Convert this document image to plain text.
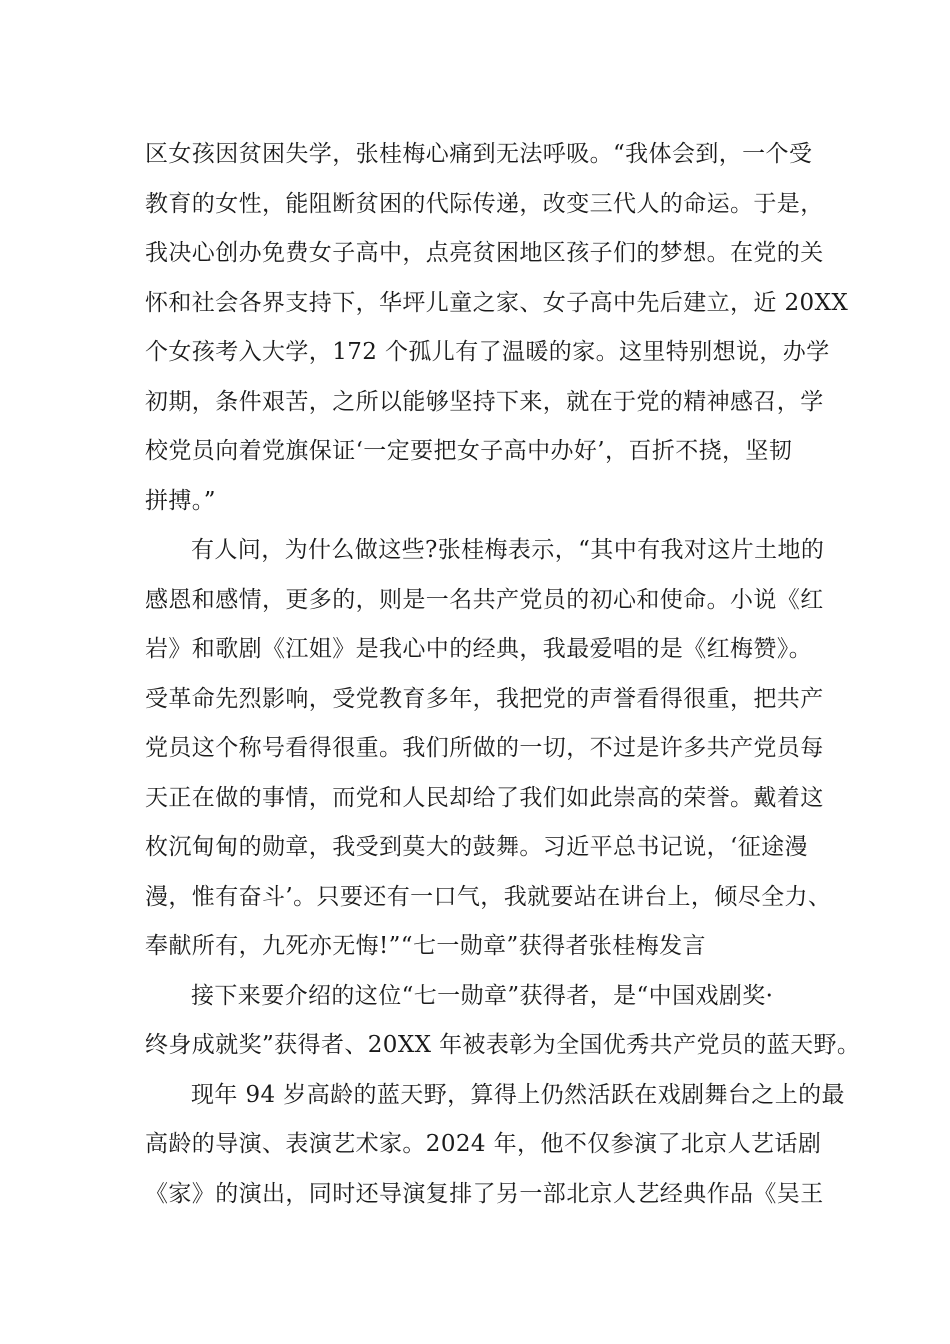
区女孩因贫困失学，张桂梅心痛到无法呼吸。“我体会到，一个受
教育的女性，能阻断贫困的代际传递，改变三代人的命运。于是，
我决心创办免费女子高中，点亮贫困地区孩子们的梦想。在党的关
怀和社会各界支持下，华坪儿童之家、女子高中先后建立，近 20XX
个女孩考入大学，172 个孤儿有了温暖的家。这里特别想说，办学
初期，条件艰苦，之所以能够坚持下来，就在于党的精神感召，学
校党员向着党旗保证‘一定要把女子高中办好’，百折不挠，坚韧
拼搏。”
有人问，为什么做这些?张桂梅表示，“其中有我对这片土地的
感恩和感情，更多的，则是一名共产党员的初心和使命。小说《红
岩》和歌剧《江姐》是我心中的经典，我最爱唱的是《红梅赞》。
受革命先烈影响，受党教育多年，我把党的声誉看得很重，把共产
党员这个称号看得很重。我们所做的一切，不过是许多共产党员每
天正在做的事情，而党和人民却给了我们如此崇高的荣誉。戴着这
枚沉甸甸的勋章，我受到莫大的鼓舞。习近平总书记说，‘征途漫
漫，惟有奋斗’。只要还有一口气，我就要站在讲台上，倾尽全力、
奉献所有，九死亦无悔!”“七一勋章”获得者张桂梅发言
接下来要介绍的这位“七一勋章”获得者，是“中国戏剧奖·
终身成就奖”获得者、20XX 年被表彰为全国优秀共产党员的蓝天野。
现年 94 岁高龄的蓝天野，算得上仍然活跃在戏剧舞台之上的最
高龄的导演、表演艺术家。2024 年，他不仅参演了北京人艺话剧
《家》的演出，同时还导演复排了另一部北京人艺经典作品《吴王
